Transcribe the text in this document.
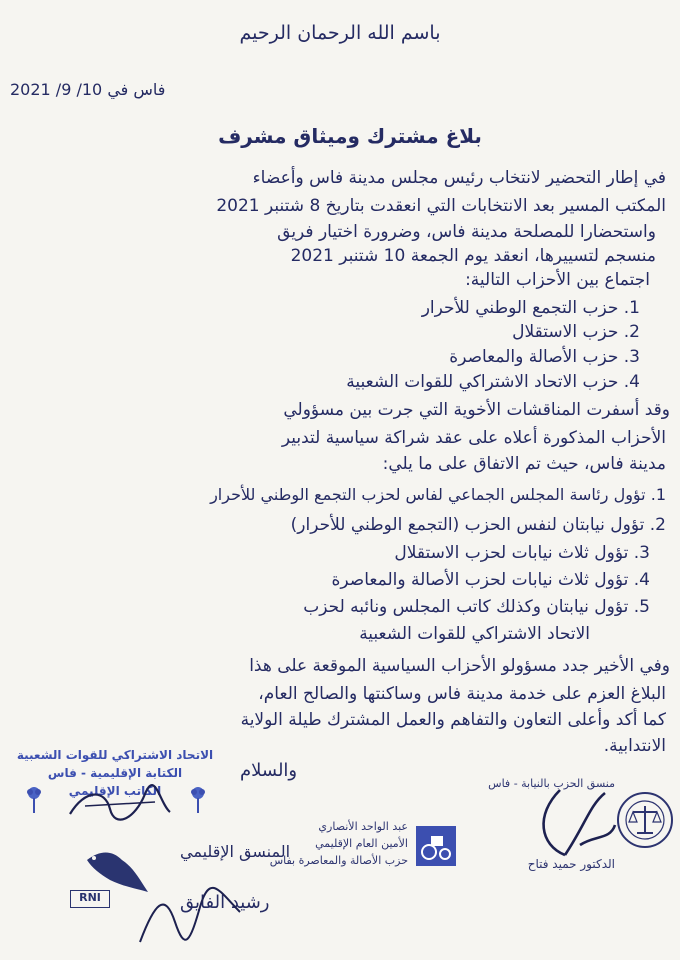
باسم الله الرحمان الرحيم
فاس في 10/ 9/ 2021
بلاغ مشترك وميثاق مشرف
في إطار التحضير لانتخاب رئيس مجلس مدينة فاس وأعضاء
المكتب المسير بعد الانتخابات التي انعقدت بتاريخ 8 شتنبر 2021
واستحضارا للمصلحة مدينة فاس، وضرورة اختيار فريق
منسجم لتسييرها، انعقد يوم الجمعة 10 شتنبر 2021
اجتماع بين الأحزاب التالية:
1. حزب التجمع الوطني للأحرار
2. حزب الاستقلال
3. حزب الأصالة والمعاصرة
4. حزب الاتحاد الاشتراكي للقوات الشعبية
وقد أسفرت المناقشات الأخوية التي جرت بين مسؤولي
الأحزاب المذكورة أعلاه على عقد شراكة سياسية لتدبير
مدينة فاس، حيث تم الاتفاق على ما يلي:
1. تؤول رئاسة المجلس الجماعي لفاس لحزب التجمع الوطني للأحرار
2. تؤول نيابتان لنفس الحزب (التجمع الوطني للأحرار)
3. تؤول ثلاث نيابات لحزب الاستقلال
4. تؤول ثلاث نيابات لحزب الأصالة والمعاصرة
5. تؤول نيابتان وكذلك كاتب المجلس ونائبه لحزب
الاتحاد الاشتراكي للقوات الشعبية
وفي الأخير جدد مسؤولو الأحزاب السياسية الموقعة على هذا
البلاغ العزم على خدمة مدينة فاس وساكنتها والصالح العام،
كما أكد وأعلى التعاون والتفاهم والعمل المشترك طيلة الولاية
الانتدابية.
والسلام
الاتحاد الاشتراكي للقوات الشعبية
الكتابة الإقليمية - فاس
الكاتب الإقليمي
منسق الحزب بالنيابة - فاس
الدكتور حميد فتاح
عبد الواحد الأنصاري
الأمين العام الإقليمي
حزب الأصالة والمعاصرة بفاس
RNI
المنسق الإقليمي
رشيد الفايق
